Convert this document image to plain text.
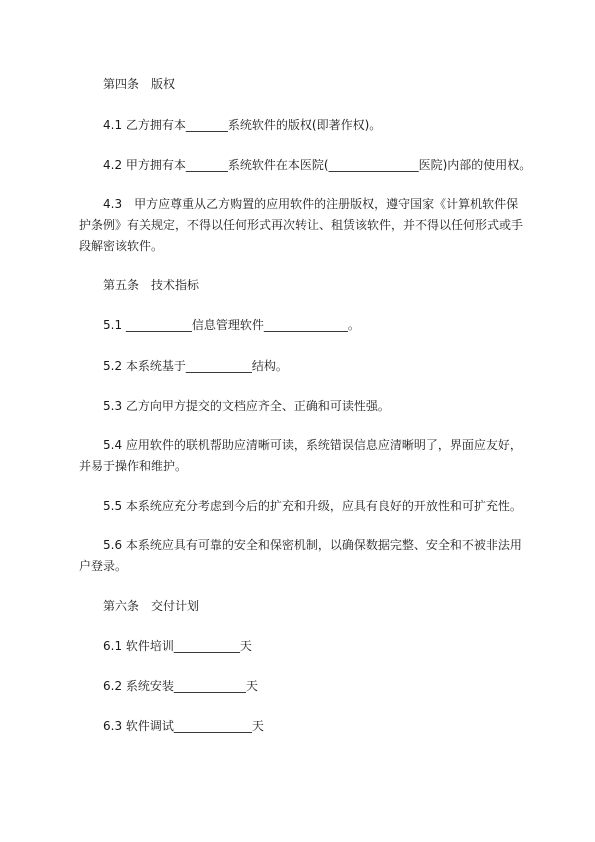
第四条　版权
4.1 乙方拥有本_______系统软件的版权(即著作权)。
4.2 甲方拥有本_______系统软件在本医院(_______________医院)内部的使用权。
4.3　甲方应尊重从乙方购置的应用软件的注册版权，遵守国家《计算机软件保
护条例》有关规定，不得以任何形式再次转让、租赁该软件，并不得以任何形式或手
段解密该软件。
第五条　技术指标
5.1 ___________信息管理软件______________。
5.2 本系统基于___________结构。
5.3 乙方向甲方提交的文档应齐全、正确和可读性强。
5.4 应用软件的联机帮助应清晰可读，系统错误信息应清晰明了，界面应友好，
并易于操作和维护。
5.5 本系统应充分考虑到今后的扩充和升级，应具有良好的开放性和可扩充性。
5.6 本系统应具有可靠的安全和保密机制，以确保数据完整、安全和不被非法用
户登录。
第六条　交付计划
6.1 软件培训___________天
6.2 系统安装____________天
6.3 软件调试_____________天
